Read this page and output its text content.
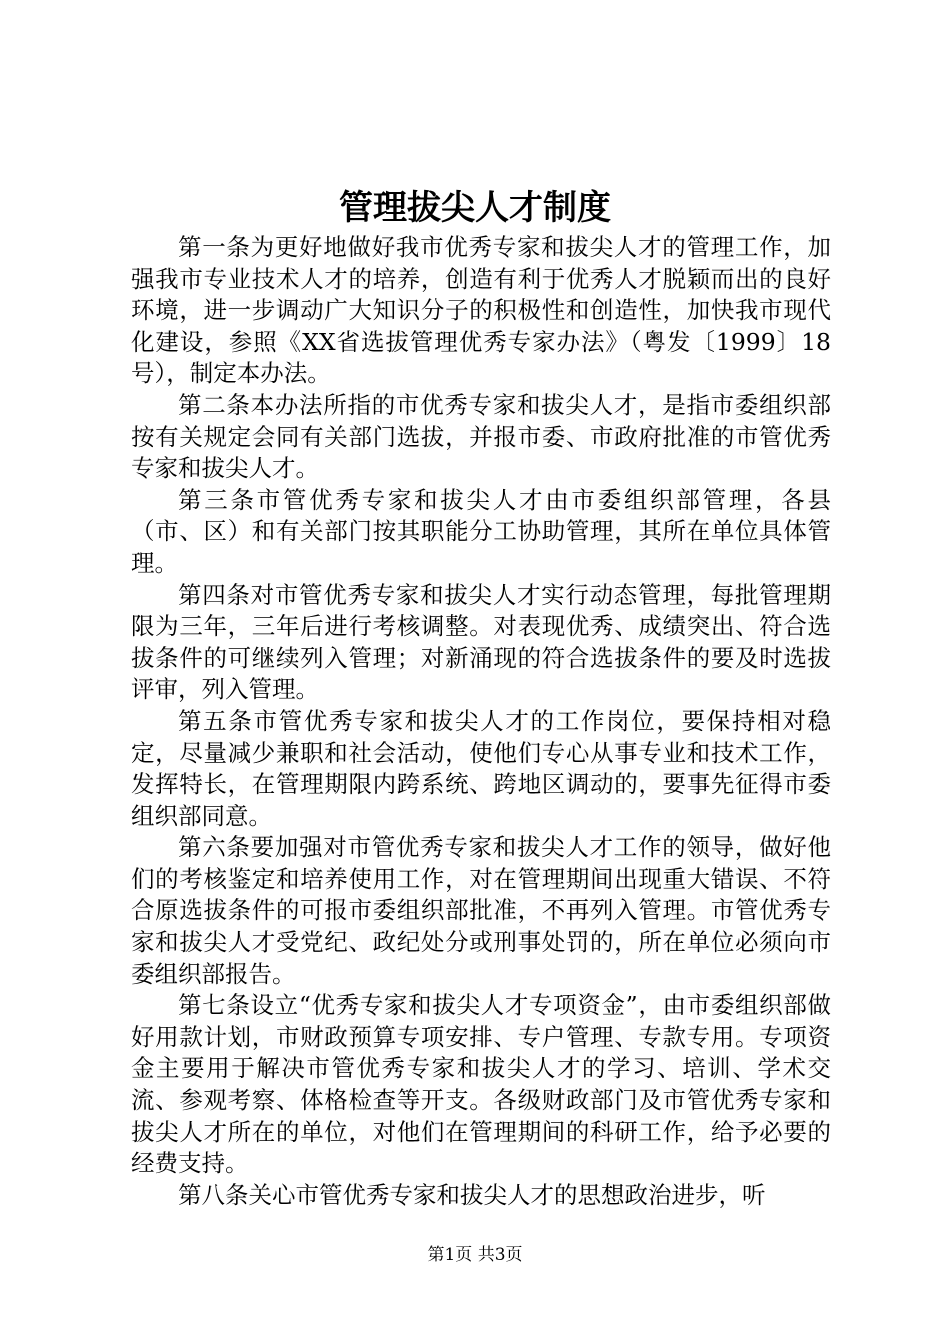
管理拔尖人才制度

第一条为更好地做好我市优秀专家和拔尖人才的管理工作，加强我市专业技术人才的培养，创造有利于优秀人才脱颖而出的良好环境，进一步调动广大知识分子的积极性和创造性，加快我市现代化建设，参照《XX省选拔管理优秀专家办法》（粤发〔1999〕18号），制定本办法。

第二条本办法所指的市优秀专家和拔尖人才，是指市委组织部按有关规定会同有关部门选拔，并报市委、市政府批准的市管优秀专家和拔尖人才。

第三条市管优秀专家和拔尖人才由市委组织部管理，各县（市、区）和有关部门按其职能分工协助管理，其所在单位具体管理。

第四条对市管优秀专家和拔尖人才实行动态管理，每批管理期限为三年，三年后进行考核调整。对表现优秀、成绩突出、符合选拔条件的可继续列入管理；对新涌现的符合选拔条件的要及时选拔评审，列入管理。

第五条市管优秀专家和拔尖人才的工作岗位，要保持相对稳定，尽量减少兼职和社会活动，使他们专心从事专业和技术工作，发挥特长，在管理期限内跨系统、跨地区调动的，要事先征得市委组织部同意。

第六条要加强对市管优秀专家和拔尖人才工作的领导，做好他们的考核鉴定和培养使用工作，对在管理期间出现重大错误、不符合原选拔条件的可报市委组织部批准，不再列入管理。市管优秀专家和拔尖人才受党纪、政纪处分或刑事处罚的，所在单位必须向市委组织部报告。

第七条设立“优秀专家和拔尖人才专项资金”，由市委组织部做好用款计划，市财政预算专项安排、专户管理、专款专用。专项资金主要用于解决市管优秀专家和拔尖人才的学习、培训、学术交流、参观考察、体格检查等开支。各级财政部门及市管优秀专家和拔尖人才所在的单位，对他们在管理期间的科研工作，给予必要的经费支持。

第八条关心市管优秀专家和拔尖人才的思想政治进步，听

第1页 共3页
